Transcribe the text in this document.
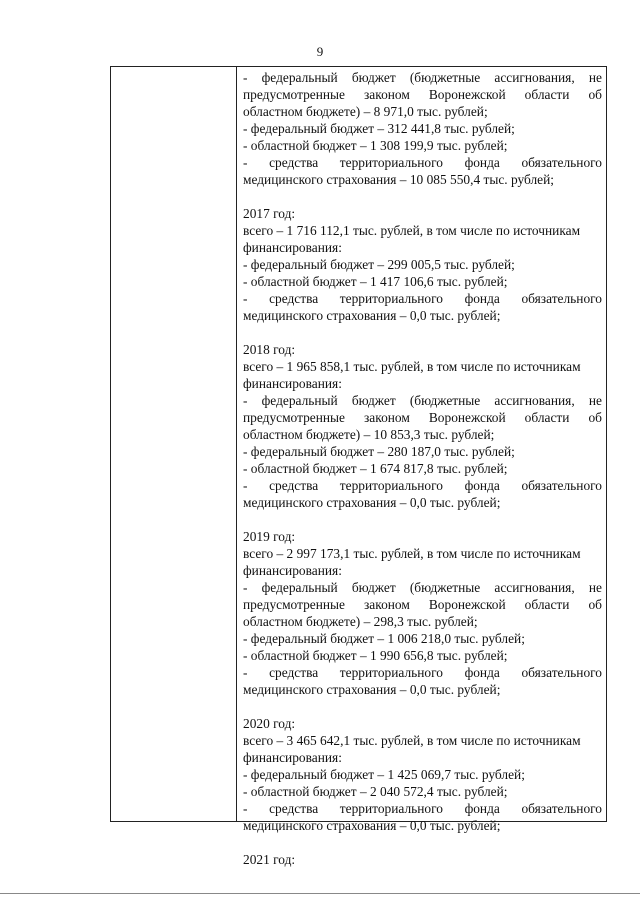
9
- федеральный бюджет (бюджетные ассигнования, не
предусмотренные законом Воронежской области об
областном бюджете) – 8 971,0 тыс. рублей;
- федеральный бюджет – 312 441,8 тыс. рублей;
- областной бюджет – 1 308 199,9 тыс. рублей;
- средства территориального фонда обязательного
медицинского страхования – 10 085 550,4 тыс. рублей;
2017 год:
всего – 1 716 112,1 тыс. рублей, в том числе по источникам
финансирования:
- федеральный бюджет – 299 005,5 тыс. рублей;
- областной бюджет – 1 417 106,6 тыс. рублей;
- средства территориального фонда обязательного
медицинского страхования – 0,0 тыс. рублей;
2018 год:
всего – 1 965 858,1 тыс. рублей, в том числе по источникам
финансирования:
- федеральный бюджет (бюджетные ассигнования, не
предусмотренные законом Воронежской области об
областном бюджете) – 10 853,3 тыс. рублей;
- федеральный бюджет – 280 187,0 тыс. рублей;
- областной бюджет – 1 674 817,8 тыс. рублей;
- средства территориального фонда обязательного
медицинского страхования – 0,0 тыс. рублей;
2019 год:
всего – 2 997 173,1 тыс. рублей, в том числе по источникам
финансирования:
- федеральный бюджет (бюджетные ассигнования, не
предусмотренные законом Воронежской области об
областном бюджете) – 298,3 тыс. рублей;
- федеральный бюджет – 1 006 218,0 тыс. рублей;
- областной бюджет – 1 990 656,8 тыс. рублей;
- средства территориального фонда обязательного
медицинского страхования – 0,0 тыс. рублей;
2020 год:
всего – 3 465 642,1 тыс. рублей, в том числе по источникам
финансирования:
- федеральный бюджет – 1 425 069,7 тыс. рублей;
- областной бюджет – 2 040 572,4 тыс. рублей;
- средства территориального фонда обязательного
медицинского страхования – 0,0 тыс. рублей;
2021 год:
